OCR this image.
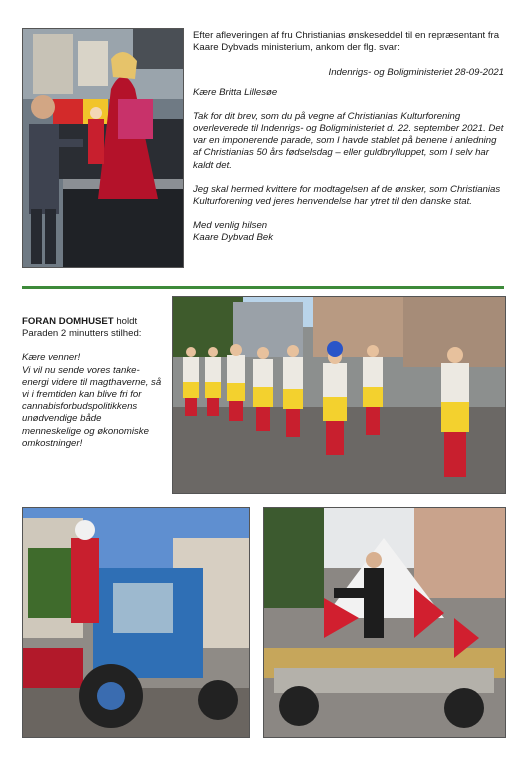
Efter afleveringen af fru Christianias ønskeseddel til en repræsentant fra Kaare Dybvads ministerium, ankom der flg. svar:

Indenrigs- og Boligministeriet 28-09-2021

Kære Britta Lillesøe

Tak for dit brev, som du på vegne af Christianias Kulturforening overleverede til Indenrigs- og Boligministeriet d. 22. september 2021. Det var en imponerende parade, som I havde stablet på benene i anledning af Christianias 50 års fødselsdag – eller guldbrylluppet, som I selv har kaldt det.

Jeg skal hermed kvittere for modtagelsen af de ønsker, som Christianias Kulturforening ved jeres henvendelse har ytret til den danske stat.

Med venlig hilsen

Kaare Dybvad Bek

FORAN DOMHUSET holdt Paraden 2 minutters stilhed:

Kære venner!

Vi vil nu sende vores tankeenergi videre til magthaverne, så vi i fremtiden kan blive fri for cannabisforbudspolitikkens unødvendige både menneskelige og økonomiske omkostninger!
